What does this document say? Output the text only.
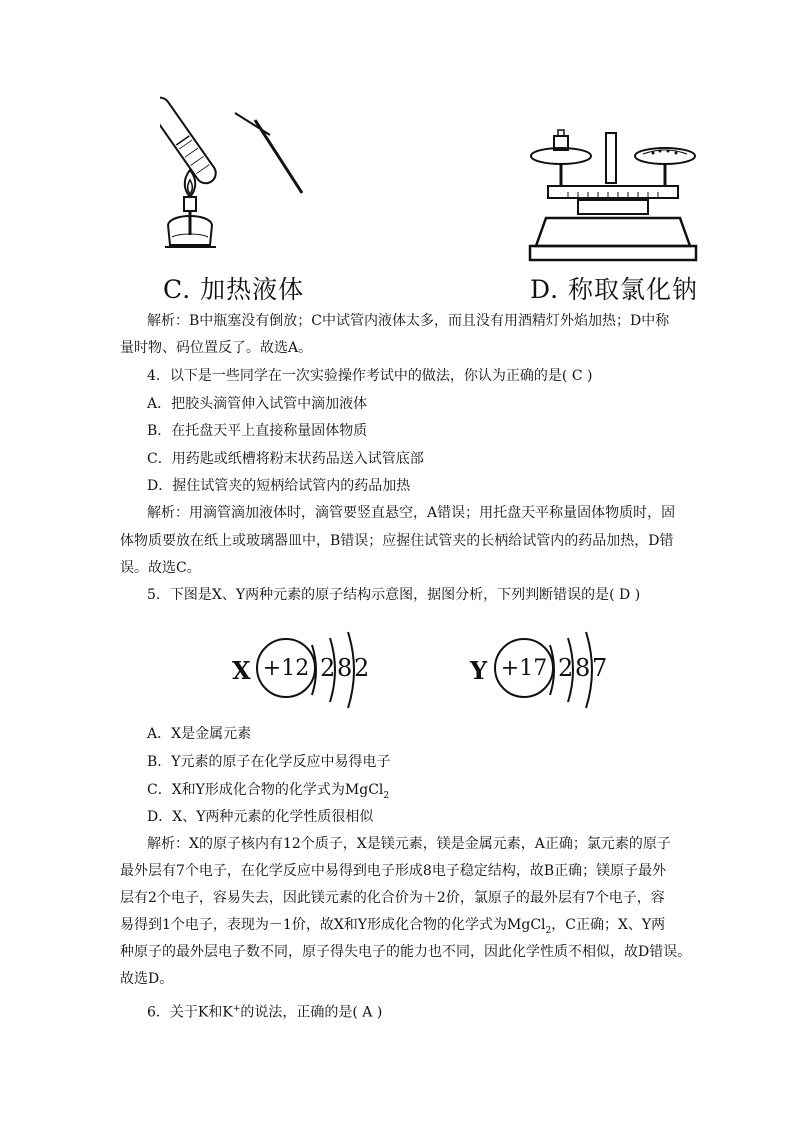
C. 加热液体	D. 称取氯化钠
解析：B中瓶塞没有倒放；C中试管内液体太多，而且没有用酒精灯外焰加热；D中称
量时物、码位置反了。故选A。
4．以下是一些同学在一次实验操作考试中的做法，你认为正确的是( C )
A．把胶头滴管伸入试管中滴加液体
B．在托盘天平上直接称量固体物质
C．用药匙或纸槽将粉末状药品送入试管底部
D．握住试管夹的短柄给试管内的药品加热
解析：用滴管滴加液体时，滴管要竖直悬空，A错误；用托盘天平称量固体物质时，固
体物质要放在纸上或玻璃器皿中，B错误；应握住试管夹的长柄给试管内的药品加热，D错
误。故选C。
5．下图是X、Y两种元素的原子结构示意图，据图分析，下列判断错误的是( D )
X +12 2 8 2	Y +17 2 8 7
A．X是金属元素
B．Y元素的原子在化学反应中易得电子
C．X和Y形成化合物的化学式为MgCl$_2$
D．X、Y两种元素的化学性质很相似
解析：X的原子核内有12个质子，X是镁元素，镁是金属元素，A正确；氯元素的原子
最外层有7个电子，在化学反应中易得到电子形成8电子稳定结构，故B正确；镁原子最外
层有2个电子，容易失去，因此镁元素的化合价为＋2价，氯原子的最外层有7个电子，容
易得到1个电子，表现为－1价，故X和Y形成化合物的化学式为MgCl$_2$，C正确；X、Y两
种原子的最外层电子数不同，原子得失电子的能力也不同，因此化学性质不相似，故D错误。
故选D。
6．关于K和K+的说法，正确的是( A )
